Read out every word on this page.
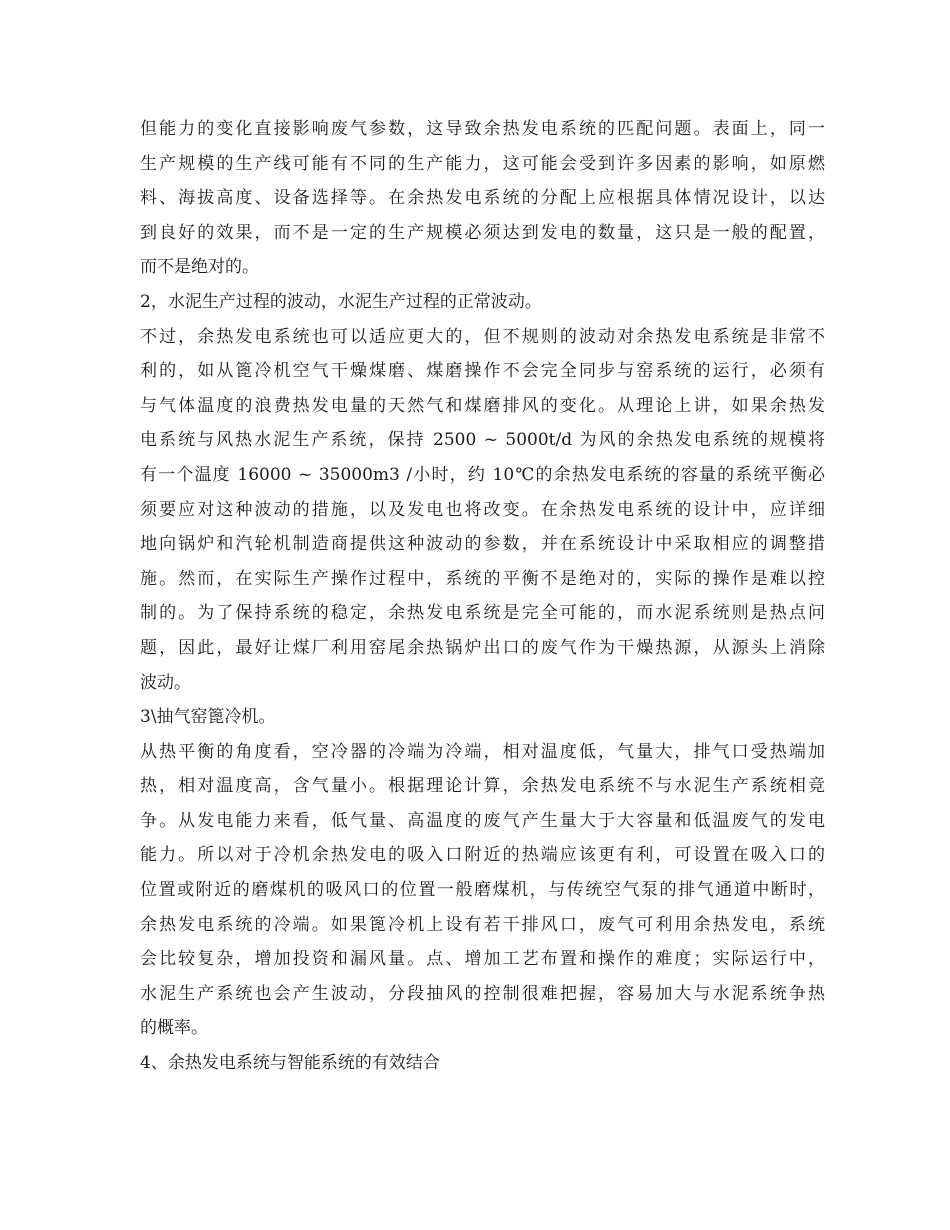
但能力的变化直接影响废气参数，这导致余热发电系统的匹配问题。表面上，同一
生产规模的生产线可能有不同的生产能力，这可能会受到许多因素的影响，如原燃
料、海拔高度、设备选择等。在余热发电系统的分配上应根据具体情况设计，以达
到良好的效果，而不是一定的生产规模必须达到发电的数量，这只是一般的配置，
而不是绝对的。
2，水泥生产过程的波动，水泥生产过程的正常波动。
不过，余热发电系统也可以适应更大的，但不规则的波动对余热发电系统是非常不
利的，如从篦冷机空气干燥煤磨、煤磨操作不会完全同步与窑系统的运行，必须有
与气体温度的浪费热发电量的天然气和煤磨排风的变化。从理论上讲，如果余热发
电系统与风热水泥生产系统，保持 2500 ~ 5000t/d 为风的余热发电系统的规模将
有一个温度 16000 ~ 35000m3 /小时，约 10℃的余热发电系统的容量的系统平衡必
须要应对这种波动的措施，以及发电也将改变。在余热发电系统的设计中，应详细
地向锅炉和汽轮机制造商提供这种波动的参数，并在系统设计中采取相应的调整措
施。然而，在实际生产操作过程中，系统的平衡不是绝对的，实际的操作是难以控
制的。为了保持系统的稳定，余热发电系统是完全可能的，而水泥系统则是热点问
题，因此，最好让煤厂利用窑尾余热锅炉出口的废气作为干燥热源，从源头上消除
波动。
3\抽气窑篦冷机。
从热平衡的角度看，空冷器的冷端为冷端，相对温度低，气量大，排气口受热端加
热，相对温度高，含气量小。根据理论计算，余热发电系统不与水泥生产系统相竞
争。从发电能力来看，低气量、高温度的废气产生量大于大容量和低温废气的发电
能力。所以对于冷机余热发电的吸入口附近的热端应该更有利，可设置在吸入口的
位置或附近的磨煤机的吸风口的位置一般磨煤机，与传统空气泵的排气通道中断时，
余热发电系统的冷端。如果篦冷机上设有若干排风口，废气可利用余热发电，系统
会比较复杂，增加投资和漏风量。点、增加工艺布置和操作的难度；实际运行中，
水泥生产系统也会产生波动，分段抽风的控制很难把握，容易加大与水泥系统争热
的概率。
4、余热发电系统与智能系统的有效结合
